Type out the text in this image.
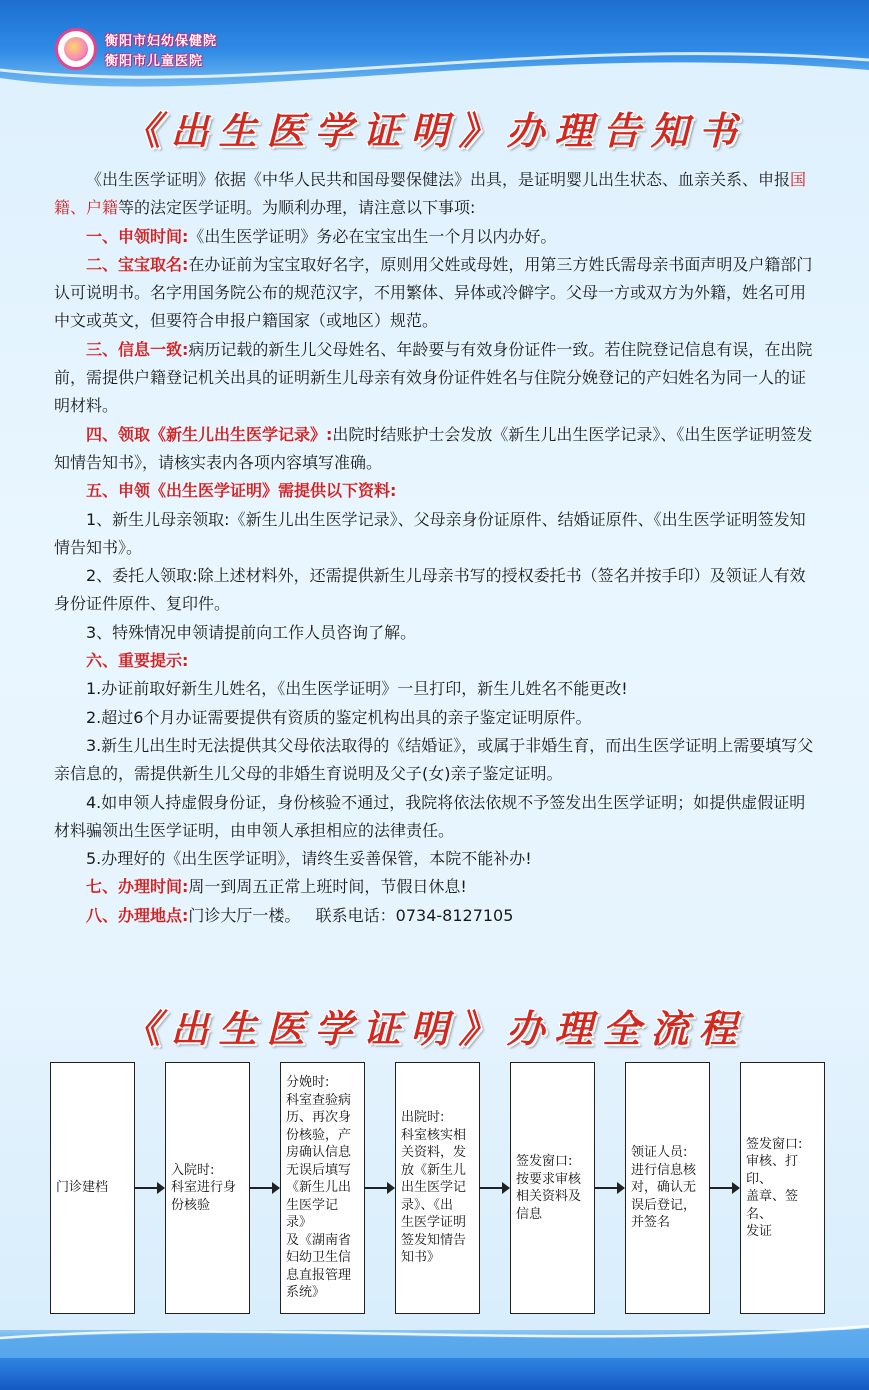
衡阳市妇幼保健院
衡阳市儿童医院
《出生医学证明》办理告知书

《出生医学证明》依据《中华人民共和国母婴保健法》出具，是证明婴儿出生状态、血亲关系、申报国籍、户籍等的法定医学证明。为顺利办理，请注意以下事项:

一、申领时间:《出生医学证明》务必在宝宝出生一个月以内办好。

二、宝宝取名:在办证前为宝宝取好名字，原则用父姓或母姓，用第三方姓氏需母亲书面声明及户籍部门认可说明书。名字用国务院公布的规范汉字，不用繁体、异体或冷僻字。父母一方或双方为外籍，姓名可用中文或英文，但要符合申报户籍国家（或地区）规范。

三、信息一致:病历记载的新生儿父母姓名、年龄要与有效身份证件一致。若住院登记信息有误，在出院前，需提供户籍登记机关出具的证明新生儿母亲有效身份证件姓名与住院分娩登记的产妇姓名为同一人的证明材料。

四、领取《新生儿出生医学记录》:出院时结账护士会发放《新生儿出生医学记录》、《出生医学证明签发知情告知书》，请核实表内各项内容填写准确。

五、申领《出生医学证明》需提供以下资料:

1、新生儿母亲领取:《新生儿出生医学记录》、父母亲身份证原件、结婚证原件、《出生医学证明签发知情告知书》。

2、委托人领取:除上述材料外，还需提供新生儿母亲书写的授权委托书（签名并按手印）及领证人有效身份证件原件、复印件。

3、特殊情况申领请提前向工作人员咨询了解。

六、重要提示:

1.办证前取好新生儿姓名，《出生医学证明》一旦打印，新生儿姓名不能更改!

2.超过6个月办证需要提供有资质的鉴定机构出具的亲子鉴定证明原件。

3.新生儿出生时无法提供其父母依法取得的《结婚证》，或属于非婚生育，而出生医学证明上需要填写父亲信息的，需提供新生儿父母的非婚生育说明及父子(女)亲子鉴定证明。

4.如申领人持虚假身份证，身份核验不通过，我院将依法依规不予签发出生医学证明；如提供虚假证明材料骗领出生医学证明，由申领人承担相应的法律责任。

5.办理好的《出生医学证明》，请终生妥善保管，本院不能补办!

七、办理时间:周一到周五正常上班时间，节假日休息!

八、办理地点:门诊大厅一楼。   联系电话：0734-8127105

《出生医学证明》办理全流程
门诊建档
入院时:
科室进行身
份核验
分娩时:
科室查验病
历、再次身
份核验，产
房确认信息
无误后填写
《新生儿出
生医学记录》
及《湖南省
妇幼卫生信
息直报管理
系统》
出院时:
科室核实相
关资料，发
放《新生儿
出生医学记
录》、《出
生医学证明
签发知情告
知书》
签发窗口:
按要求审核
相关资料及
信息
领证人员:
进行信息核
对，确认无
误后登记，
并签名
签发窗口:
审核、打印、
盖章、签名、
发证
